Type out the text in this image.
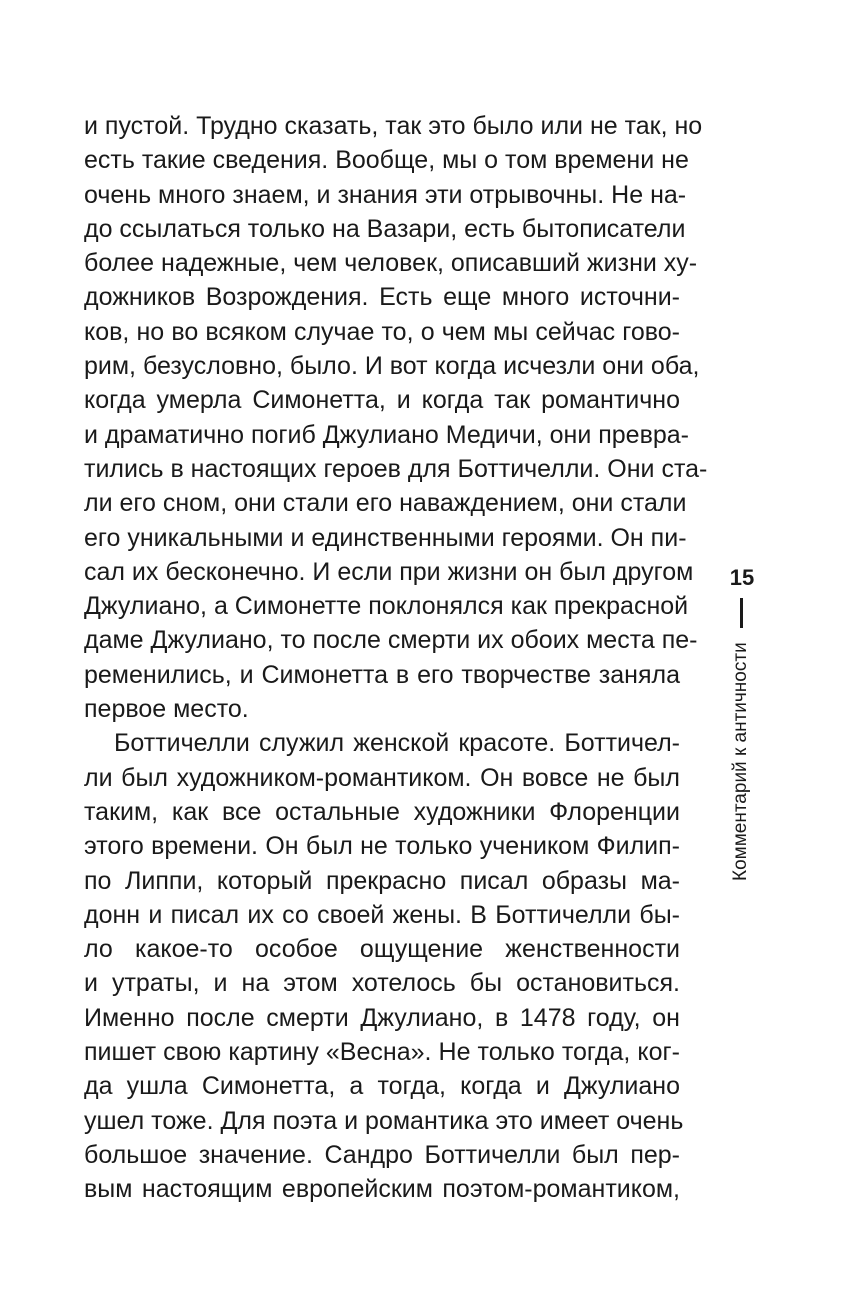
и пустой. Трудно сказать, так это было или не так, но
есть такие сведения. Вообще, мы о том времени не
очень много знаем, и знания эти отрывочны. Не на-
до ссылаться только на Вазари, есть бытописатели
более надежные, чем человек, описавший жизни ху-
дожников Возрождения. Есть еще много источни-
ков, но во всяком случае то, о чем мы сейчас гово-
рим, безусловно, было. И вот когда исчезли они оба,
когда умерла Симонетта, и когда так романтично
и драматично погиб Джулиано Медичи, они превра-
тились в настоящих героев для Боттичелли. Они ста-
ли его сном, они стали его наваждением, они стали
его уникальными и единственными героями. Он пи-
сал их бесконечно. И если при жизни он был другом
Джулиано, а Симонетте поклонялся как прекрасной
даме Джулиано, то после смерти их обоих места пе-
ременились, и Симонетта в его творчестве заняла
первое место.
Боттичелли служил женской красоте. Боттичел-
ли был художником-романтиком. Он вовсе не был
таким, как все остальные художники Флоренции
этого времени. Он был не только учеником Филип-
по Липпи, который прекрасно писал образы ма-
донн и писал их со своей жены. В Боттичелли бы-
ло какое-то особое ощущение женственности
и утраты, и на этом хотелось бы остановиться.
Именно после смерти Джулиано, в 1478 году, он
пишет свою картину «Весна». Не только тогда, ког-
да ушла Симонетта, а тогда, когда и Джулиано
ушел тоже. Для поэта и романтика это имеет очень
большое значение. Сандро Боттичелли был пер-
вым настоящим европейским поэтом-романтиком,
15
Комментарий к античности
